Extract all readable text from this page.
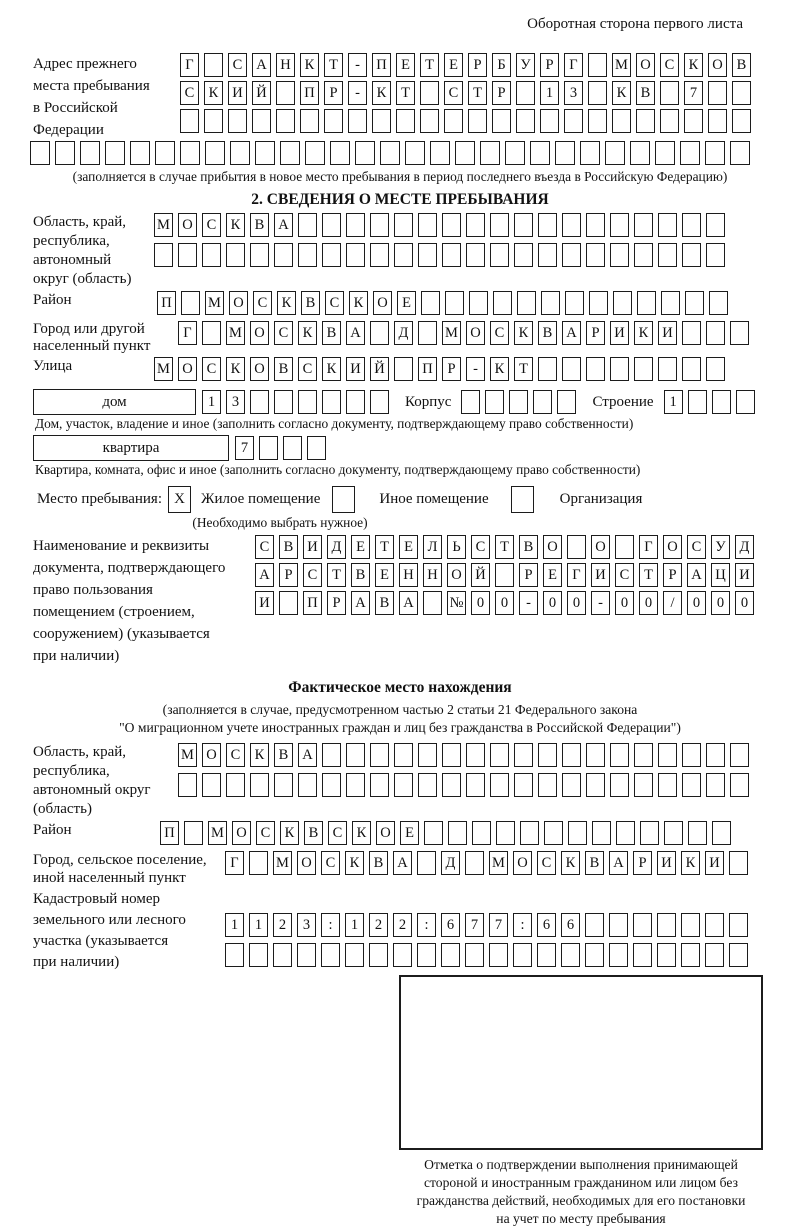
Оборотная сторона первого листа
Адрес прежнего
места пребывания
в Российской
Федерации
Г	С А Н К	Т	-	П Е	Т	Е	Р	Б	У	Р	Г	М О С К О В
С К И Й	П	Р	-	К	Т	С	Т	Р	1	3	К В	7
(заполняется в случае прибытия в новое место пребывания в период последнего въезда в Российскую Федерацию)
2. СВЕДЕНИЯ О МЕСТЕ ПРЕБЫВАНИЯ
Область, край,
республика,
автономный
округ (область)
М О С К В А
Район	П	М О С К В С К О Е
Город или другой
населенный пункт
Г	М О С К В А	Д	М О С К В А	Р	И К И
Улица	М О С К О В С К И Й	П	Р	-	К	Т
дом	1	3	Корпус	Строение	1
Дом, участок, владение и иное (заполнить согласно документу, подтверждающему право собственности)
квартира	7
Квартира, комната, офис и иное (заполнить согласно документу, подтверждающему право собственности)
Место пребывания: X	Жилое помещение	Иное помещение	Организация
(Необходимо выбрать нужное)
Наименование и реквизиты
документа, подтверждающего
право пользования
помещением (строением,
сооружением) (указывается
при наличии)
С В И Д	Е	Т	Е	Л	Ь	С	Т	В О	О	Г	О С У Д
А	Р	С	Т	В	Е Н Н О Й	Р	Е	Г	И С	Т	Р	А Ц И
И	П	Р	А В А № 0	0	-	0	0	-	0	0	/	0	0	0
Фактическое место нахождения
(заполняется в случае, предусмотренном частью 2 статьи 21 Федерального закона
"О миграционном учете иностранных граждан и лиц без гражданства в Российской Федерации")
Область, край,
республика,
автономный округ
(область)
М О С К В А
Район	П	М О С К В С К О Е
Город, сельское поселение,
иной населенный пункт
Г	М О С К В А	Д	М О С К В А	Р	И К И
Кадастровый номер
земельного или лесного
участка (указывается
при наличии)
1	1	2	3	:	1	2	2	:	6	7	7	:	6	6
Отметка о подтверждении выполнения принимающей
стороной и иностранным гражданином или лицом без
гражданства действий, необходимых для его постановки
на учет по месту пребывания
